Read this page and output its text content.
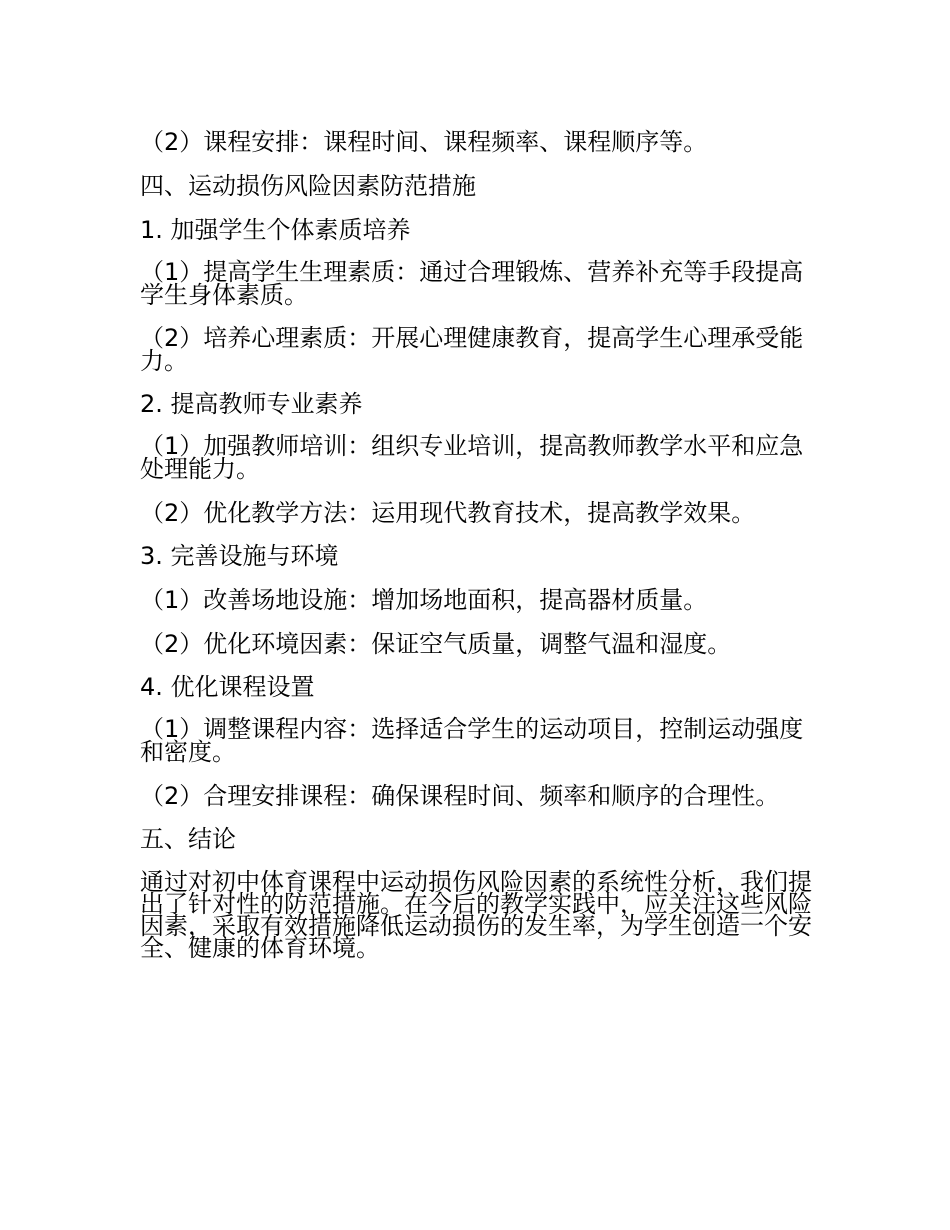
（2）课程安排：课程时间、课程频率、课程顺序等。

四、运动损伤风险因素防范措施

1. 加强学生个体素质培养

（1）提高学生生理素质：通过合理锻炼、营养补充等手段提高学生身体素质。

（2）培养心理素质：开展心理健康教育，提高学生心理承受能力。

2. 提高教师专业素养

（1）加强教师培训：组织专业培训，提高教师教学水平和应急处理能力。

（2）优化教学方法：运用现代教育技术，提高教学效果。

3. 完善设施与环境

（1）改善场地设施：增加场地面积，提高器材质量。

（2）优化环境因素：保证空气质量，调整气温和湿度。

4. 优化课程设置

（1）调整课程内容：选择适合学生的运动项目，控制运动强度和密度。

（2）合理安排课程：确保课程时间、频率和顺序的合理性。

五、结论

通过对初中体育课程中运动损伤风险因素的系统性分析，我们提出了针对性的防范措施。在今后的教学实践中，应关注这些风险因素，采取有效措施降低运动损伤的发生率，为学生创造一个安全、健康的体育环境。
